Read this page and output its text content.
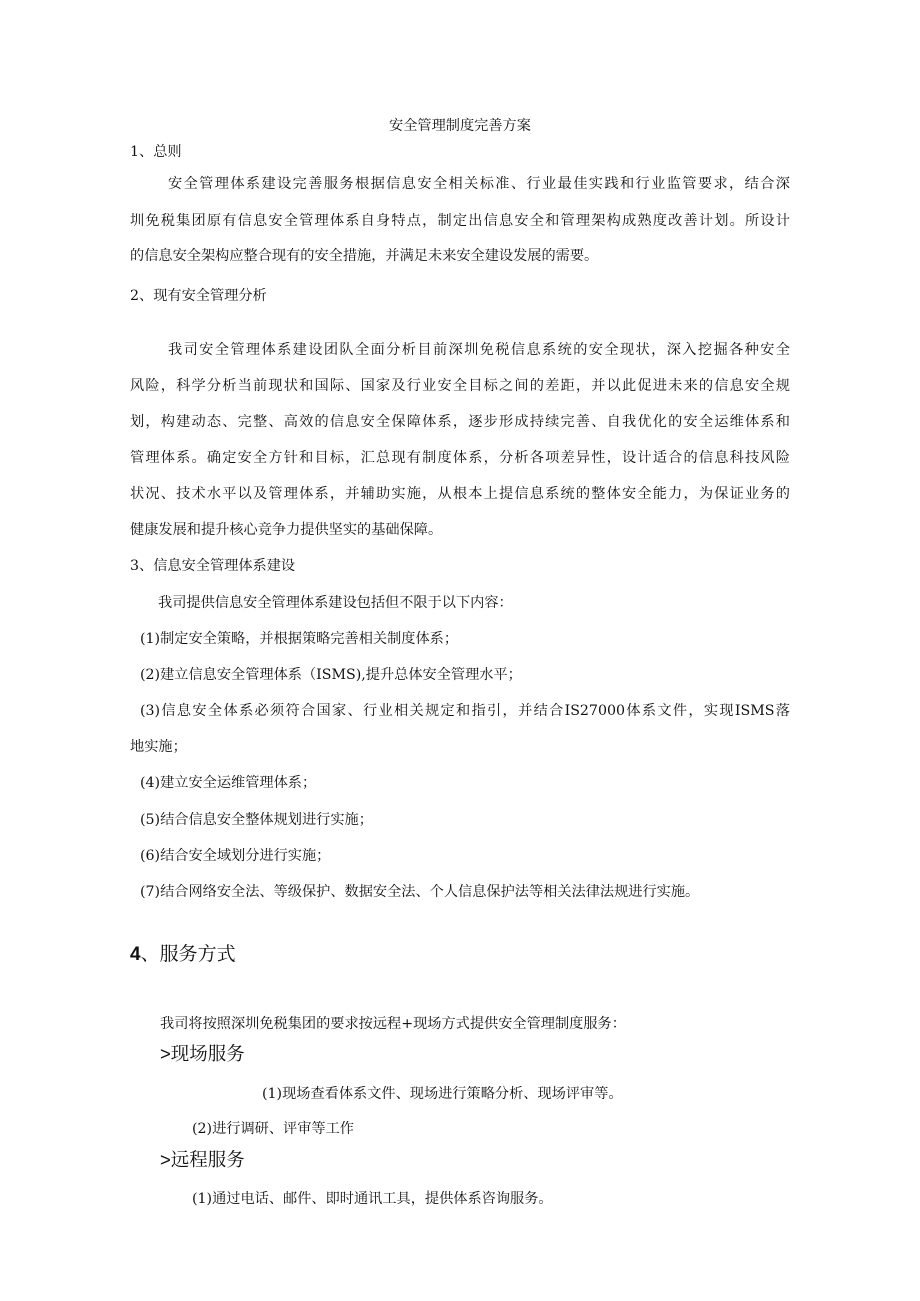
安全管理制度完善方案
1、总则
安全管理体系建设完善服务根据信息安全相关标准、行业最佳实践和行业监管要求，结合深
圳免税集团原有信息安全管理体系自身特点，制定出信息安全和管理架构成熟度改善计划。所设计
的信息安全架构应整合现有的安全措施，并满足未来安全建设发展的需要。
2、现有安全管理分析
我司安全管理体系建设团队全面分析目前深圳免税信息系统的安全现状，深入挖掘各种安全
风险，科学分析当前现状和国际、国家及行业安全目标之间的差距，并以此促进未来的信息安全规
划，构建动态、完整、高效的信息安全保障体系，逐步形成持续完善、自我优化的安全运维体系和
管理体系。确定安全方针和目标，汇总现有制度体系，分析各项差异性，设计适合的信息科技风险
状况、技术水平以及管理体系，并辅助实施，从根本上提信息系统的整体安全能力，为保证业务的
健康发展和提升核心竞争力提供坚实的基础保障。
3、信息安全管理体系建设
我司提供信息安全管理体系建设包括但不限于以下内容：
(1)制定安全策略，并根据策略完善相关制度体系；
(2)建立信息安全管理体系（ISMS),提升总体安全管理水平；
(3)信息安全体系必须符合国家、行业相关规定和指引，并结合IS27000体系文件，实现ISMS落
地实施；
(4)建立安全运维管理体系；
(5)结合信息安全整体规划进行实施；
(6)结合安全域划分进行实施；
(7)结合网络安全法、等级保护、数据安全法、个人信息保护法等相关法律法规进行实施。
4、服务方式
我司将按照深圳免税集团的要求按远程+现场方式提供安全管理制度服务：
>现场服务
(1)现场查看体系文件、现场进行策略分析、现场评审等。
(2)进行调研、评审等工作
>远程服务
(1)通过电话、邮件、即时通讯工具，提供体系咨询服务。
